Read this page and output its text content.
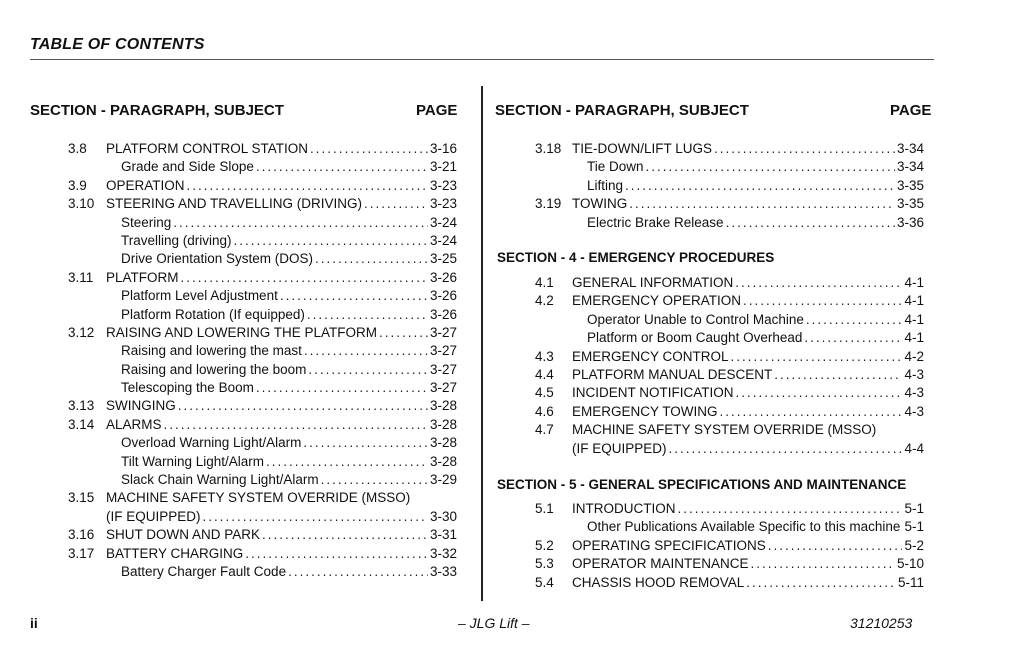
TABLE OF CONTENTS
SECTION - PARAGRAPH, SUBJECT	PAGE	SECTION - PARAGRAPH, SUBJECT	PAGE
3.8 PLATFORM CONTROL STATION .....	3-16
Grade and Side Slope .....	3-21
3.9 OPERATION .....	3-23
3.10 STEERING AND TRAVELLING (DRIVING) .....	3-23
Steering .....	3-24
Travelling (driving) .....	3-24
Drive Orientation System (DOS) .....	3-25
3.11 PLATFORM .....	3-26
Platform Level Adjustment .....	3-26
Platform Rotation (If equipped) .....	3-26
3.12 RAISING AND LOWERING THE PLATFORM .....	3-27
Raising and lowering the mast .....	3-27
Raising and lowering the boom .....	3-27
Telescoping the Boom .....	3-27
3.13 SWINGING .....	3-28
3.14 ALARMS .....	3-28
Overload Warning Light/Alarm .....	3-28
Tilt Warning Light/Alarm .....	3-28
Slack Chain Warning Light/Alarm .....	3-29
3.15 MACHINE SAFETY SYSTEM OVERRIDE (MSSO)
(IF EQUIPPED) .....	3-30
3.16 SHUT DOWN AND PARK .....	3-31
3.17 BATTERY CHARGING .....	3-32
Battery Charger Fault Code .....	3-33
3.18 TIE-DOWN/LIFT LUGS .....	3-34
Tie Down .....	3-34
Lifting .....	3-35
3.19 TOWING .....	3-35
Electric Brake Release .....	3-36
SECTION - 4 - EMERGENCY PROCEDURES
4.1 GENERAL INFORMATION .....	4-1
4.2 EMERGENCY OPERATION .....	4-1
Operator Unable to Control Machine .....	4-1
Platform or Boom Caught Overhead .....	4-1
4.3 EMERGENCY CONTROL .....	4-2
4.4 PLATFORM MANUAL DESCENT .....	4-3
4.5 INCIDENT NOTIFICATION .....	4-3
4.6 EMERGENCY TOWING .....	4-3
4.7 MACHINE SAFETY SYSTEM OVERRIDE (MSSO)
(IF EQUIPPED) .....	4-4
SECTION - 5 - GENERAL SPECIFICATIONS AND MAINTENANCE
5.1 INTRODUCTION .....	5-1
Other Publications Available Specific to this machine ..... 5-1
5.2 OPERATING SPECIFICATIONS .....	5-2
5.3 OPERATOR MAINTENANCE .....	5-10
5.4 CHASSIS HOOD REMOVAL .....	5-11
ii	– JLG Lift –	31210253
